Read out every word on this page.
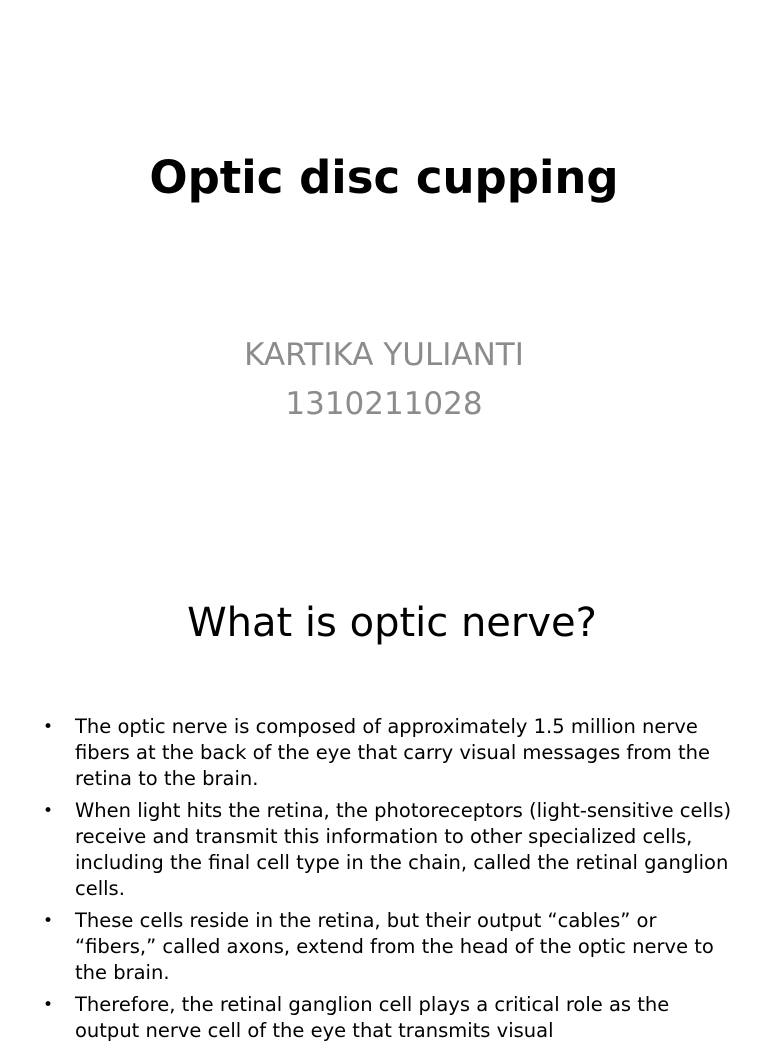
Optic disc cupping
KARTIKA YULIANTI
1310211028
What is optic nerve?
• The optic nerve is composed of approximately 1.5 million nerve fibers at the back of the eye that carry visual messages from the retina to the brain.
• When light hits the retina, the photoreceptors (light-sensitive cells) receive and transmit this information to other specialized cells, including the final cell type in the chain, called the retinal ganglion cells.
• These cells reside in the retina, but their output “cables” or “fibers,” called axons, extend from the head of the optic nerve to the brain.
• Therefore, the retinal ganglion cell plays a critical role as the output nerve cell of the eye that transmits visual
